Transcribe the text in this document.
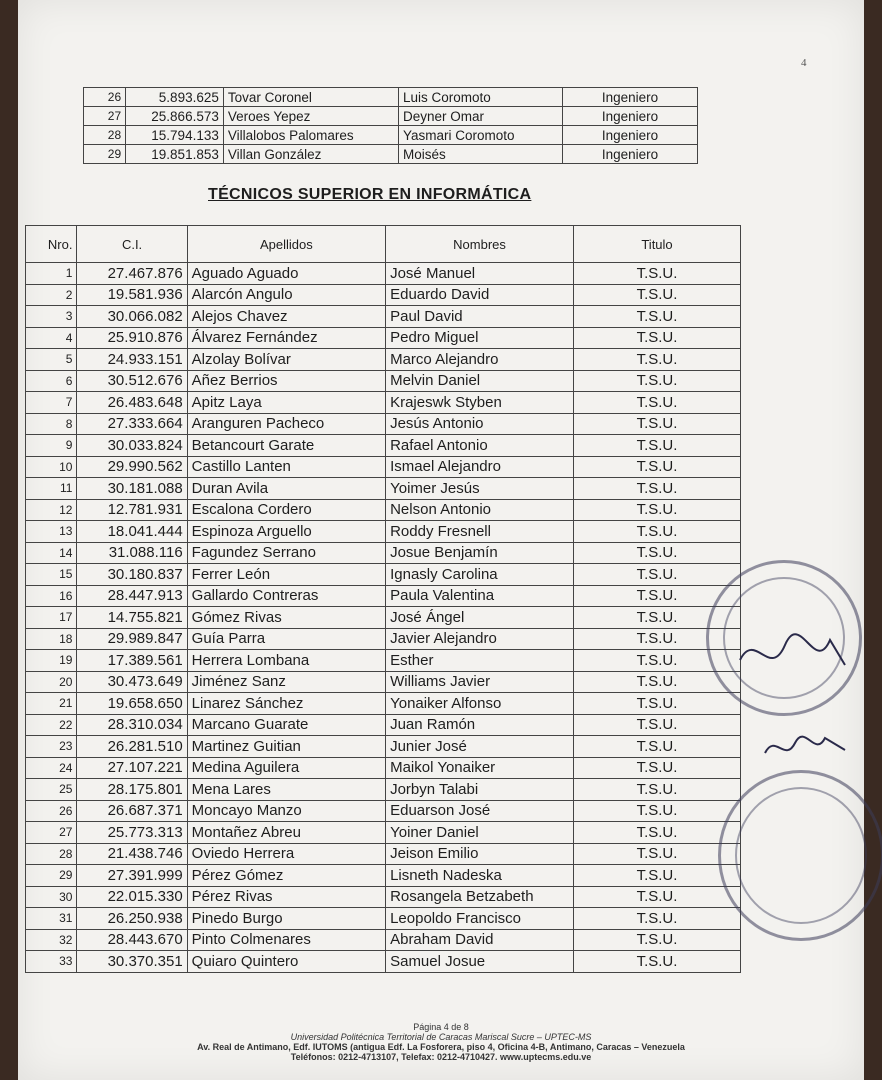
4
26	5.893.625	Tovar Coronel	Luis Coromoto	Ingeniero
27	25.866.573	Veroes Yepez	Deyner Omar	Ingeniero
28	15.794.133	Villalobos Palomares	Yasmari Coromoto	Ingeniero
29	19.851.853	Villan González	Moisés	Ingeniero
TÉCNICOS SUPERIOR EN INFORMÁTICA
Nro.	C.I.	Apellidos	Nombres	Titulo
1	27.467.876	Aguado Aguado	José Manuel	T.S.U.
2	19.581.936	Alarcón Angulo	Eduardo David	T.S.U.
3	30.066.082	Alejos Chavez	Paul David	T.S.U.
4	25.910.876	Álvarez Fernández	Pedro Miguel	T.S.U.
5	24.933.151	Alzolay Bolívar	Marco Alejandro	T.S.U.
6	30.512.676	Añez Berrios	Melvin Daniel	T.S.U.
7	26.483.648	Apitz Laya	Krajeswk Styben	T.S.U.
8	27.333.664	Aranguren Pacheco	Jesús Antonio	T.S.U.
9	30.033.824	Betancourt Garate	Rafael Antonio	T.S.U.
10	29.990.562	Castillo Lanten	Ismael Alejandro	T.S.U.
11	30.181.088	Duran Avila	Yoimer Jesús	T.S.U.
12	12.781.931	Escalona Cordero	Nelson Antonio	T.S.U.
13	18.041.444	Espinoza Arguello	Roddy Fresnell	T.S.U.
14	31.088.116	Fagundez Serrano	Josue Benjamín	T.S.U.
15	30.180.837	Ferrer León	Ignasly Carolina	T.S.U.
16	28.447.913	Gallardo Contreras	Paula Valentina	T.S.U.
17	14.755.821	Gómez Rivas	José Ángel	T.S.U.
18	29.989.847	Guía Parra	Javier Alejandro	T.S.U.
19	17.389.561	Herrera Lombana	Esther	T.S.U.
20	30.473.649	Jiménez Sanz	Williams Javier	T.S.U.
21	19.658.650	Linarez Sánchez	Yonaiker Alfonso	T.S.U.
22	28.310.034	Marcano Guarate	Juan Ramón	T.S.U.
23	26.281.510	Martinez Guitian	Junier José	T.S.U.
24	27.107.221	Medina Aguilera	Maikol Yonaiker	T.S.U.
25	28.175.801	Mena Lares	Jorbyn Talabi	T.S.U.
26	26.687.371	Moncayo Manzo	Eduarson José	T.S.U.
27	25.773.313	Montañez Abreu	Yoiner Daniel	T.S.U.
28	21.438.746	Oviedo Herrera	Jeison Emilio	T.S.U.
29	27.391.999	Pérez Gómez	Lisneth Nadeska	T.S.U.
30	22.015.330	Pérez Rivas	Rosangela Betzabeth	T.S.U.
31	26.250.938	Pinedo Burgo	Leopoldo Francisco	T.S.U.
32	28.443.670	Pinto Colmenares	Abraham David	T.S.U.
33	30.370.351	Quiaro Quintero	Samuel Josue	T.S.U.
Página 4 de 8
Universidad Politécnica Territorial de Caracas Mariscal Sucre – UPTEC-MS
Av. Real de Antimano, Edf. IUTOMS (antigua Edf. La Fosforera, piso 4, Oficina 4-B, Antimano, Caracas – Venezuela
Teléfonos: 0212-4713107, Telefax: 0212-4710427. www.uptecms.edu.ve
